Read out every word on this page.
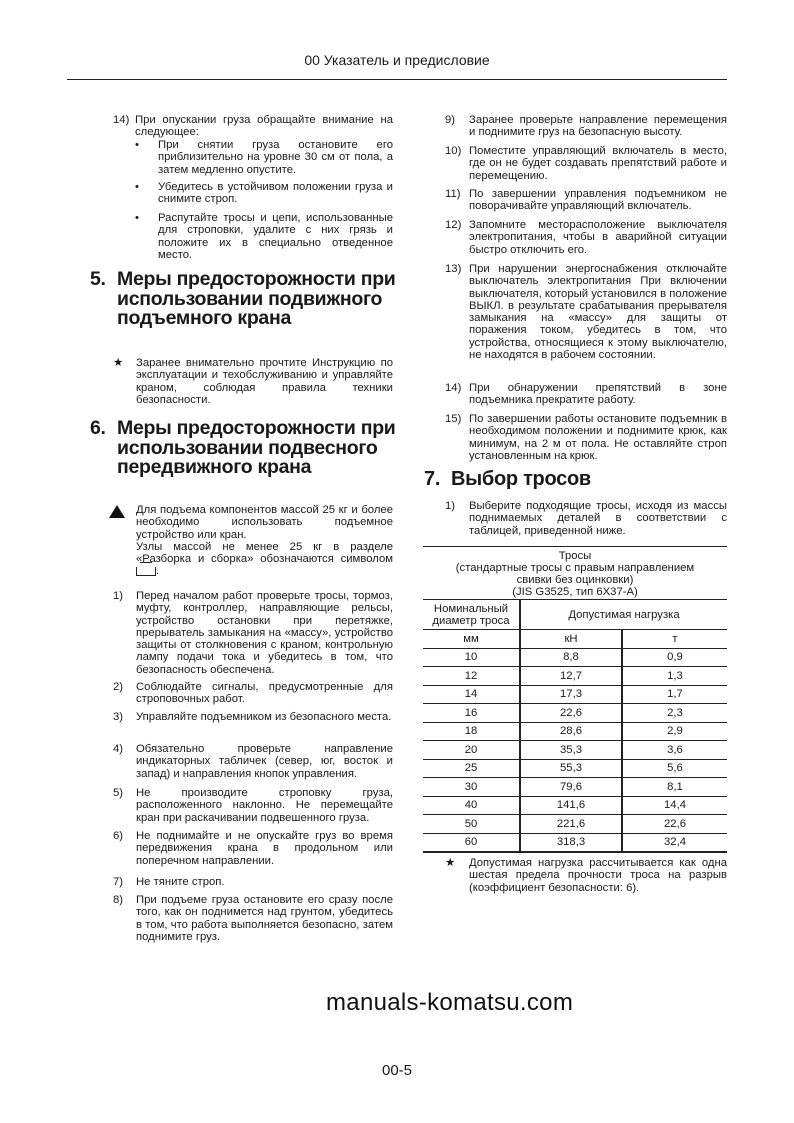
00 Указатель и предисловие
14) При опускании груза обращайте внимание на следующее:
• При снятии груза остановите его приблизительно на уровне 30 см от пола, а затем медленно опустите.
• Убедитесь в устойчивом положении груза и снимите строп.
• Распутайте тросы и цепи, использованные для строповки, удалите с них грязь и положите их в специально отведенное место.
5. Меры предосторожности при использовании подвижного подъемного крана
★ Заранее внимательно прочтите Инструкцию по эксплуатации и техобслуживанию и управляйте краном, соблюдая правила техники безопасности.
6. Меры предосторожности при использовании подвесного передвижного крана
Для подъема компонентов массой 25 кг и более необходимо использовать подъемное устройство или кран.
Узлы массой не менее 25 кг в разделе «Разборка и сборка» обозначаются символом .
1) Перед началом работ проверьте тросы, тормоз, муфту, контроллер, направляющие рельсы, устройство остановки при перетяжке, прерыватель замыкания на «массу», устройство защиты от столкновения с краном, контрольную лампу подачи тока и убедитесь в том, что безопасность обеспечена.
2) Соблюдайте сигналы, предусмотренные для строповочных работ.
3) Управляйте подъемником из безопасного места.
4) Обязательно проверьте направление индикаторных табличек (север, юг, восток и запад) и направления кнопок управления.
5) Не производите строповку груза, расположенного наклонно. Не перемещайте кран при раскачивании подвешенного груза.
6) Не поднимайте и не опускайте груз во время передвижения крана в продольном или поперечном направлении.
7) Не тяните строп.
8) При подъеме груза остановите его сразу после того, как он поднимется над грунтом, убедитесь в том, что работа выполняется безопасно, затем поднимите груз.
9) Заранее проверьте направление перемещения и поднимите груз на безопасную высоту.
10) Поместите управляющий включатель в место, где он не будет создавать препятствий работе и перемещению.
11) По завершении управления подъемником не поворачивайте управляющий включатель.
12) Запомните месторасположение выключателя электропитания, чтобы в аварийной ситуации быстро отключить его.
13) При нарушении энергоснабжения отключайте выключатель электропитания При включении выключателя, который установился в положение ВЫКЛ. в результате срабатывания прерывателя замыкания на «массу» для защиты от поражения током, убедитесь в том, что устройства, относящиеся к этому выключателю, не находятся в рабочем состоянии.
14) При обнаружении препятствий в зоне подъемника прекратите работу.
15) По завершении работы остановите подъемник в необходимом положении и поднимите крюк, как минимум, на 2 м от пола. Не оставляйте строп установленным на крюк.
manuals-komatsu.com
7. Выбор тросов
1) Выберите подходящие тросы, исходя из массы поднимаемых деталей в соответствии с таблицей, приведенной ниже.
Тросы
(стандартные тросы с правым направлением
свивки без оцинковки)
(JIS G3525, тип 6X37-A)		

Номинальный диаметр троса	Допустимая нагрузка	
мм	кН	т
10	8,8	0,9
12	12,7	1,3
14	17,3	1,7
16	22,6	2,3
18	28,6	2,9
20	35,3	3,6
25	55,3	5,6
30	79,6	8,1
40	141,6	14,4
50	221,6	22,6
60	318,3	32,4
★ Допустимая нагрузка рассчитывается как одна шестая предела прочности троса на разрыв (коэффициент безопасности: 6).
00-5
